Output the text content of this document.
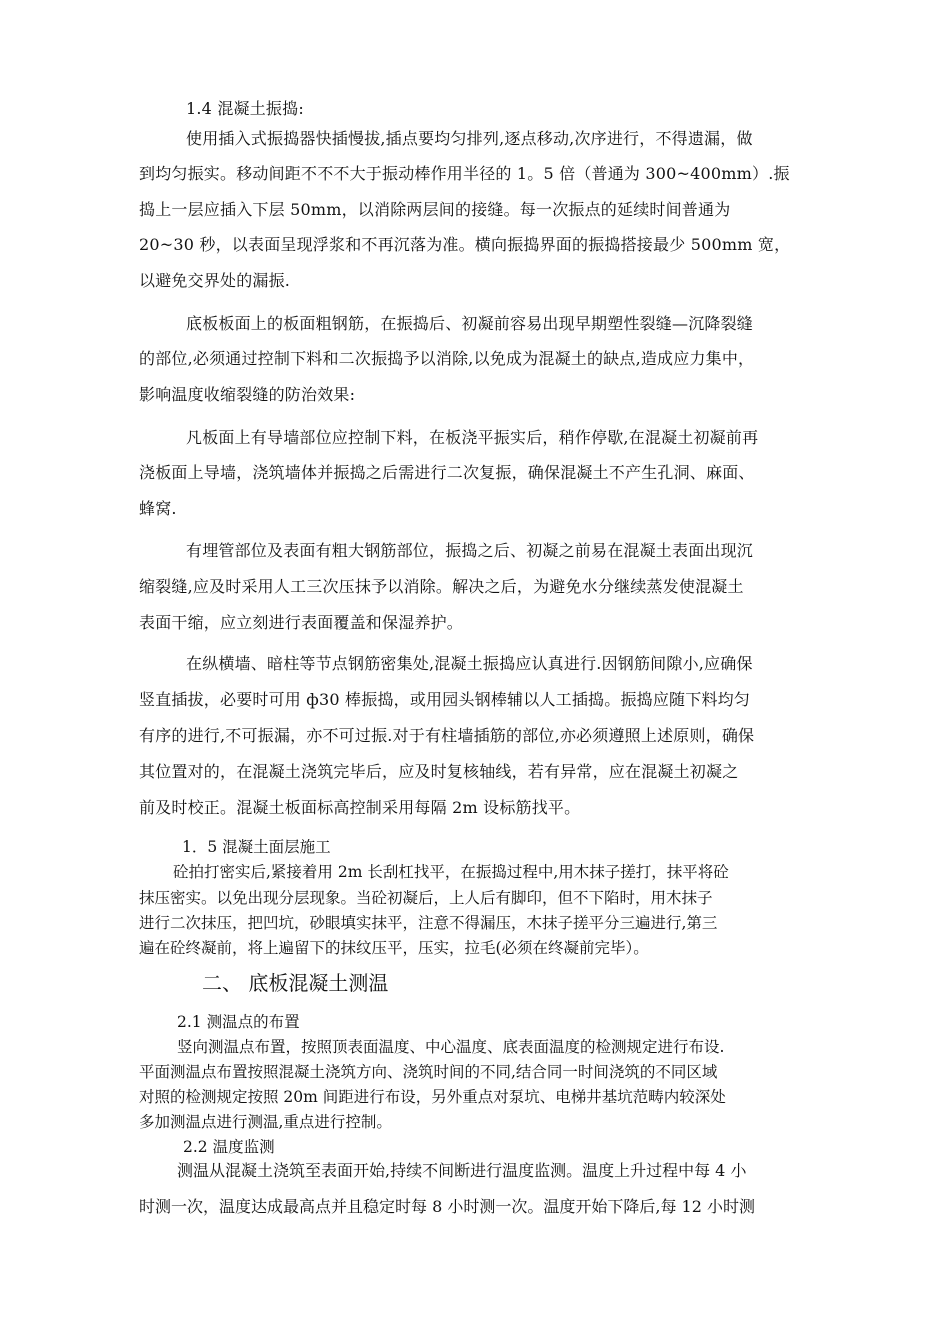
1.4 混凝土振捣:
使用插入式振捣器快插慢拔,插点要均匀排列,逐点移动,次序进行，不得遗漏，做
到均匀振实。移动间距不不不大于振动棒作用半径的 1。5 倍（普通为 300~400mm）.振
捣上一层应插入下层 50mm，以消除两层间的接缝。每一次振点的延续时间普通为
20~30 秒，以表面呈现浮浆和不再沉落为准。横向振捣界面的振捣搭接最少 500mm 宽，
以避免交界处的漏振.
底板板面上的板面粗钢筋，在振捣后、初凝前容易出现早期塑性裂缝—沉降裂缝
的部位,必须通过控制下料和二次振捣予以消除,以免成为混凝土的缺点,造成应力集中，
影响温度收缩裂缝的防治效果:
凡板面上有导墙部位应控制下料，在板浇平振实后，稍作停歇,在混凝土初凝前再
浇板面上导墙，浇筑墙体并振捣之后需进行二次复振，确保混凝土不产生孔洞、麻面、
蜂窝.
有埋管部位及表面有粗大钢筋部位，振捣之后、初凝之前易在混凝土表面出现沉
缩裂缝,应及时采用人工三次压抹予以消除。解决之后，为避免水分继续蒸发使混凝土
表面干缩，应立刻进行表面覆盖和保湿养护。
在纵横墙、暗柱等节点钢筋密集处,混凝土振捣应认真进行.因钢筋间隙小,应确保
竖直插拔，必要时可用 ф30 棒振捣，或用园头钢棒辅以人工插捣。振捣应随下料均匀
有序的进行,不可振漏，亦不可过振.对于有柱墙插筋的部位,亦必须遵照上述原则，确保
其位置对的，在混凝土浇筑完毕后，应及时复核轴线，若有异常，应在混凝土初凝之
前及时校正。混凝土板面标高控制采用每隔 2m 设标筋找平。
1．5 混凝土面层施工
砼拍打密实后,紧接着用 2m 长刮杠找平，在振捣过程中,用木抹子搓打，抹平将砼
抹压密实。以免出现分层现象。当砼初凝后，上人后有脚印，但不下陷时，用木抹子
进行二次抹压，把凹坑，砂眼填实抹平，注意不得漏压，木抹子搓平分三遍进行,第三
遍在砼终凝前，将上遍留下的抹纹压平，压实，拉毛(必须在终凝前完毕）。
二、 底板混凝土测温
2.1 测温点的布置
竖向测温点布置，按照顶表面温度、中心温度、底表面温度的检测规定进行布设.
平面测温点布置按照混凝土浇筑方向、浇筑时间的不同,结合同一时间浇筑的不同区域
对照的检测规定按照 20m 间距进行布设，另外重点对泵坑、电梯井基坑范畴内较深处
多加测温点进行测温,重点进行控制。
2.2 温度监测
测温从混凝土浇筑至表面开始,持续不间断进行温度监测。温度上升过程中每 4 小
时测一次，温度达成最高点并且稳定时每 8 小时测一次。温度开始下降后,每 12 小时测
